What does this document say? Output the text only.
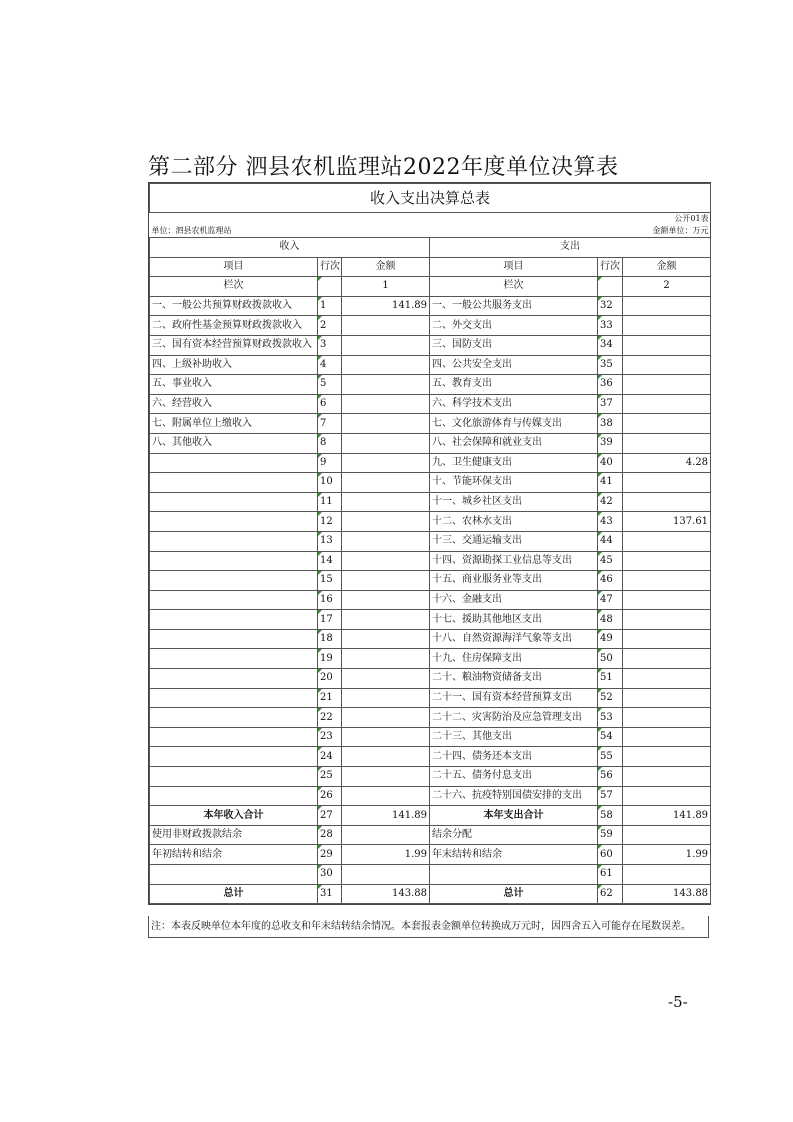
第二部分 泗县农机监理站2022年度单位决算表
收入支出决算总表					
					公开01表
单位：泗县农机监理站					金额单位：万元
收入			支出		
项目	行次	金额	项目	行次	金额
栏次		1	栏次		2
一、一般公共预算财政拨款收入	1	141.89	一、一般公共服务支出	32	
二、政府性基金预算财政拨款收入	2		二、外交支出	33	
三、国有资本经营预算财政拨款收入	3		三、国防支出	34	
四、上级补助收入	4		四、公共安全支出	35	
五、事业收入	5		五、教育支出	36	
六、经营收入	6		六、科学技术支出	37	
七、附属单位上缴收入	7		七、文化旅游体育与传媒支出	38	
八、其他收入	8		八、社会保障和就业支出	39	
	9		九、卫生健康支出	40	4.28
	10		十、节能环保支出	41	
	11		十一、城乡社区支出	42	
	12		十二、农林水支出	43	137.61
	13		十三、交通运输支出	44	
	14		十四、资源勘探工业信息等支出	45	
	15		十五、商业服务业等支出	46	
	16		十六、金融支出	47	
	17		十七、援助其他地区支出	48	
	18		十八、自然资源海洋气象等支出	49	
	19		十九、住房保障支出	50	
	20		二十、粮油物资储备支出	51	
	21		二十一、国有资本经营预算支出	52	
	22		二十二、灾害防治及应急管理支出	53	
	23		二十三、其他支出	54	
	24		二十四、债务还本支出	55	
	25		二十五、债务付息支出	56	
	26		二十六、抗疫特别国债安排的支出	57	
本年收入合计	27	141.89	本年支出合计	58	141.89
使用非财政拨款结余	28		结余分配	59	
年初结转和结余	29	1.99	年末结转和结余	60	1.99
	30			61	
总计	31	143.88	总计	62	143.88
注：本表反映单位本年度的总收支和年末结转结余情况。本套报表金额单位转换成万元时，因四舍五入可能存在尾数误差。
-5-
